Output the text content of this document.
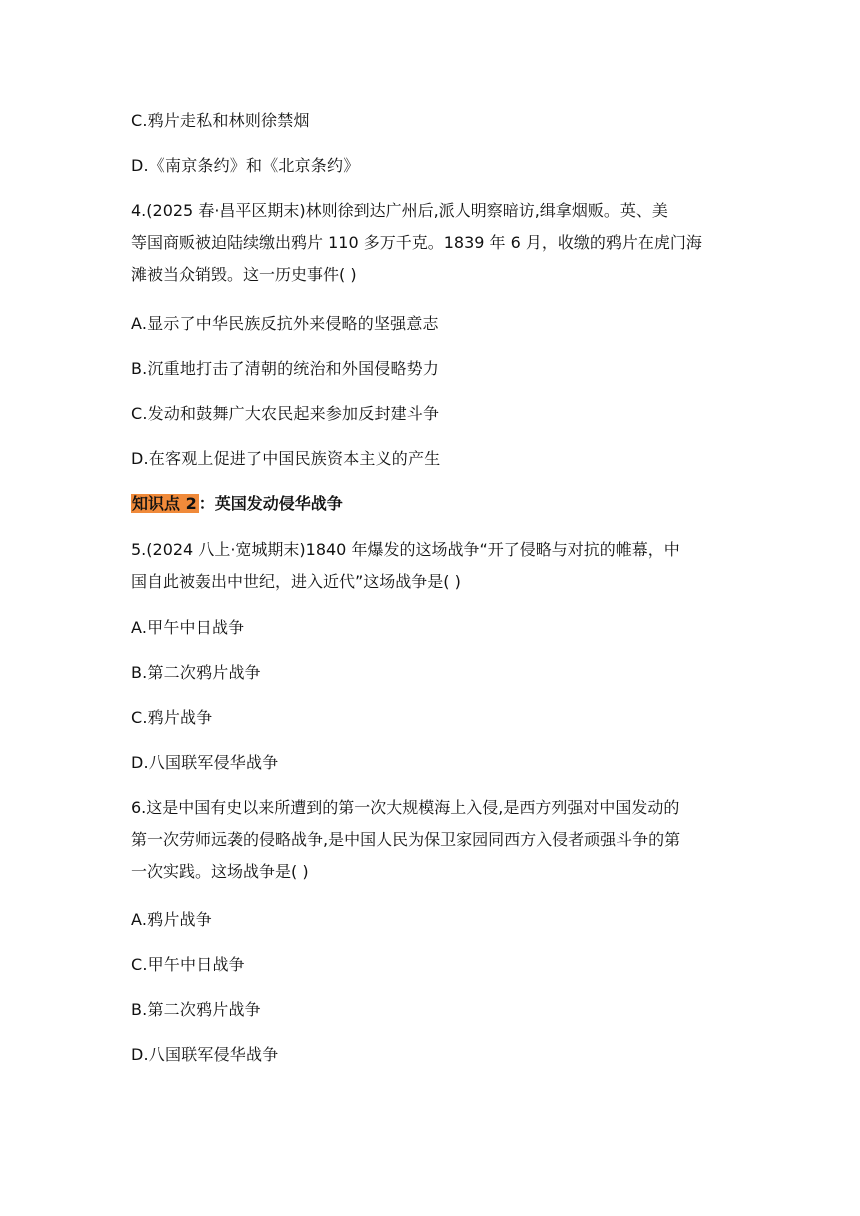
C.鸦片走私和林则徐禁烟
D.《南京条约》和《北京条约》
4.(2025 春·昌平区期末)林则徐到达广州后,派人明察暗访,缉拿烟贩。英、美
等国商贩被迫陆续缴出鸦片 110 多万千克。1839 年 6 月，收缴的鸦片在虎门海
滩被当众销毁。这一历史事件( )
A.显示了中华民族反抗外来侵略的坚强意志
B.沉重地打击了清朝的统治和外国侵略势力
C.发动和鼓舞广大农民起来参加反封建斗争
D.在客观上促进了中国民族资本主义的产生
知识点 2 ：英国发动侵华战争
5.(2024 八上·宽城期末)1840 年爆发的这场战争“开了侵略与对抗的帷幕，中
国自此被轰出中世纪，进入近代”这场战争是( )
A.甲午中日战争
B.第二次鸦片战争
C.鸦片战争
D.八国联军侵华战争
6.这是中国有史以来所遭到的第一次大规模海上入侵,是西方列强对中国发动的
第一次劳师远袭的侵略战争,是中国人民为保卫家园同西方入侵者顽强斗争的第
一次实践。这场战争是( )
A.鸦片战争
C.甲午中日战争
B.第二次鸦片战争
D.八国联军侵华战争
